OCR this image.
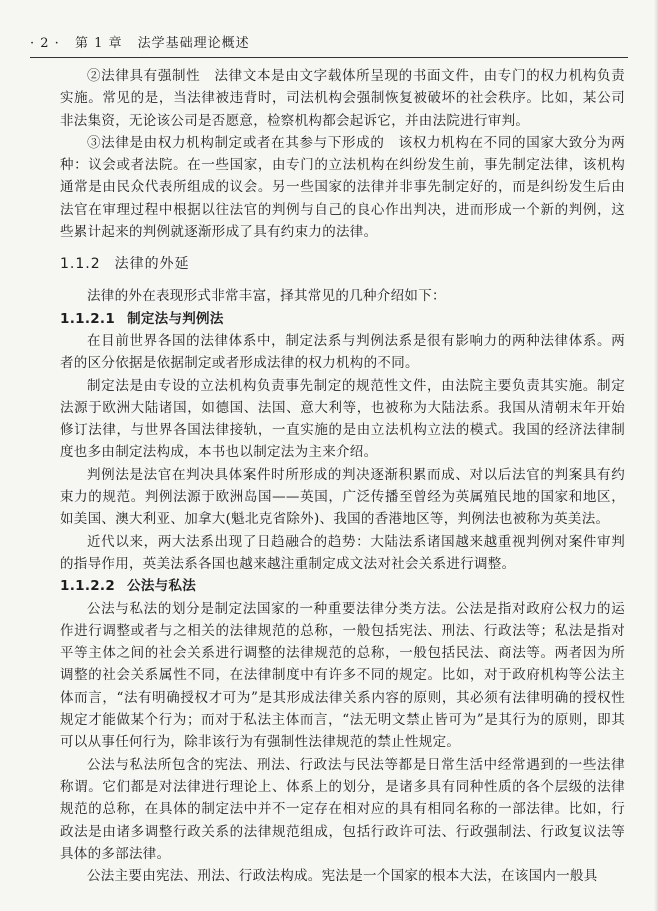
· 2 · 第 1 章 法学基础理论概述

②法律具有强制性　法律文本是由文字载体所呈现的书面文件，由专门的权力机构负责实施。常见的是，当法律被违背时，司法机构会强制恢复被破坏的社会秩序。比如，某公司非法集资，无论该公司是否愿意，检察机构都会起诉它，并由法院进行审判。

③法律是由权力机构制定或者在其参与下形成的　该权力机构在不同的国家大致分为两种：议会或者法院。在一些国家，由专门的立法机构在纠纷发生前，事先制定法律，该机构通常是由民众代表所组成的议会。另一些国家的法律并非事先制定好的，而是纠纷发生后由法官在审理过程中根据以往法官的判例与自己的良心作出判决，进而形成一个新的判例，这些累计起来的判例就逐渐形成了具有约束力的法律。

1.1.2 法律的外延

法律的外在表现形式非常丰富，择其常见的几种介绍如下：

1.1.2.1 制定法与判例法

在目前世界各国的法律体系中，制定法系与判例法系是很有影响力的两种法律体系。两者的区分依据是依据制定或者形成法律的权力机构的不同。

制定法是由专设的立法机构负责事先制定的规范性文件，由法院主要负责其实施。制定法源于欧洲大陆诸国，如德国、法国、意大利等，也被称为大陆法系。我国从清朝末年开始修订法律，与世界各国法律接轨，一直实施的是由立法机构立法的模式。我国的经济法律制度也多由制定法构成，本书也以制定法为主来介绍。

判例法是法官在判决具体案件时所形成的判决逐渐积累而成、对以后法官的判案具有约束力的规范。判例法源于欧洲岛国——英国，广泛传播至曾经为英属殖民地的国家和地区，如美国、澳大利亚、加拿大(魁北克省除外)、我国的香港地区等，判例法也被称为英美法。

近代以来，两大法系出现了日趋融合的趋势：大陆法系诸国越来越重视判例对案件审判的指导作用，英美法系各国也越来越注重制定成文法对社会关系进行调整。

1.1.2.2 公法与私法

公法与私法的划分是制定法国家的一种重要法律分类方法。公法是指对政府公权力的运作进行调整或者与之相关的法律规范的总称，一般包括宪法、刑法、行政法等；私法是指对平等主体之间的社会关系进行调整的法律规范的总称，一般包括民法、商法等。两者因为所调整的社会关系属性不同，在法律制度中有许多不同的规定。比如，对于政府机构等公法主体而言，“法有明确授权才可为”是其形成法律关系内容的原则，其必须有法律明确的授权性规定才能做某个行为；而对于私法主体而言，“法无明文禁止皆可为”是其行为的原则，即其可以从事任何行为，除非该行为有强制性法律规范的禁止性规定。

公法与私法所包含的宪法、刑法、行政法与民法等都是日常生活中经常遇到的一些法律称谓。它们都是对法律进行理论上、体系上的划分，是诸多具有同种性质的各个层级的法律规范的总称，在具体的制定法中并不一定存在相对应的具有相同名称的一部法律。比如，行政法是由诸多调整行政关系的法律规范组成，包括行政许可法、行政强制法、行政复议法等具体的多部法律。

公法主要由宪法、刑法、行政法构成。宪法是一个国家的根本大法，在该国内一般具
